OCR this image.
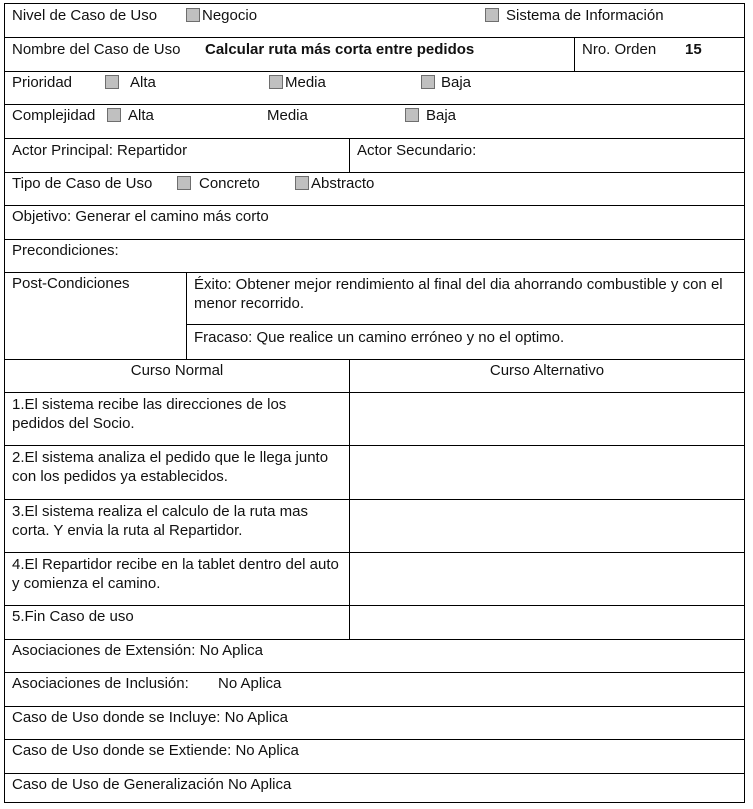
Nivel de Caso de Uso	Negocio	Sistema de Información
Nombre del Caso de Uso Calcular ruta más corta entre pedidos	Nro. Orden 15
Prioridad	Alta	Media	Baja
Complejidad Alta	Media	Baja
Actor Principal: Repartidor	Actor Secundario:
Tipo de Caso de Uso	Concreto	Abstracto
Objetivo: Generar el camino más corto
Precondiciones:
Post-Condiciones	Éxito: Obtener mejor rendimiento al final del dia ahorrando combustible y con el menor recorrido.
Fracaso: Que realice un camino erróneo y no el optimo.
Curso Normal	Curso Alternativo
1.El sistema recibe las direcciones de los pedidos del Socio.
2.El sistema analiza el pedido que le llega junto con los pedidos ya establecidos.
3.El sistema realiza el calculo de la ruta mas corta. Y envia la ruta al Repartidor.
4.El Repartidor recibe en la tablet dentro del auto y comienza el camino.
5.Fin Caso de uso
Asociaciones de Extensión: No Aplica
Asociaciones de Inclusión: No Aplica
Caso de Uso donde se Incluye: No Aplica
Caso de Uso donde se Extiende: No Aplica
Caso de Uso de Generalización No Aplica
